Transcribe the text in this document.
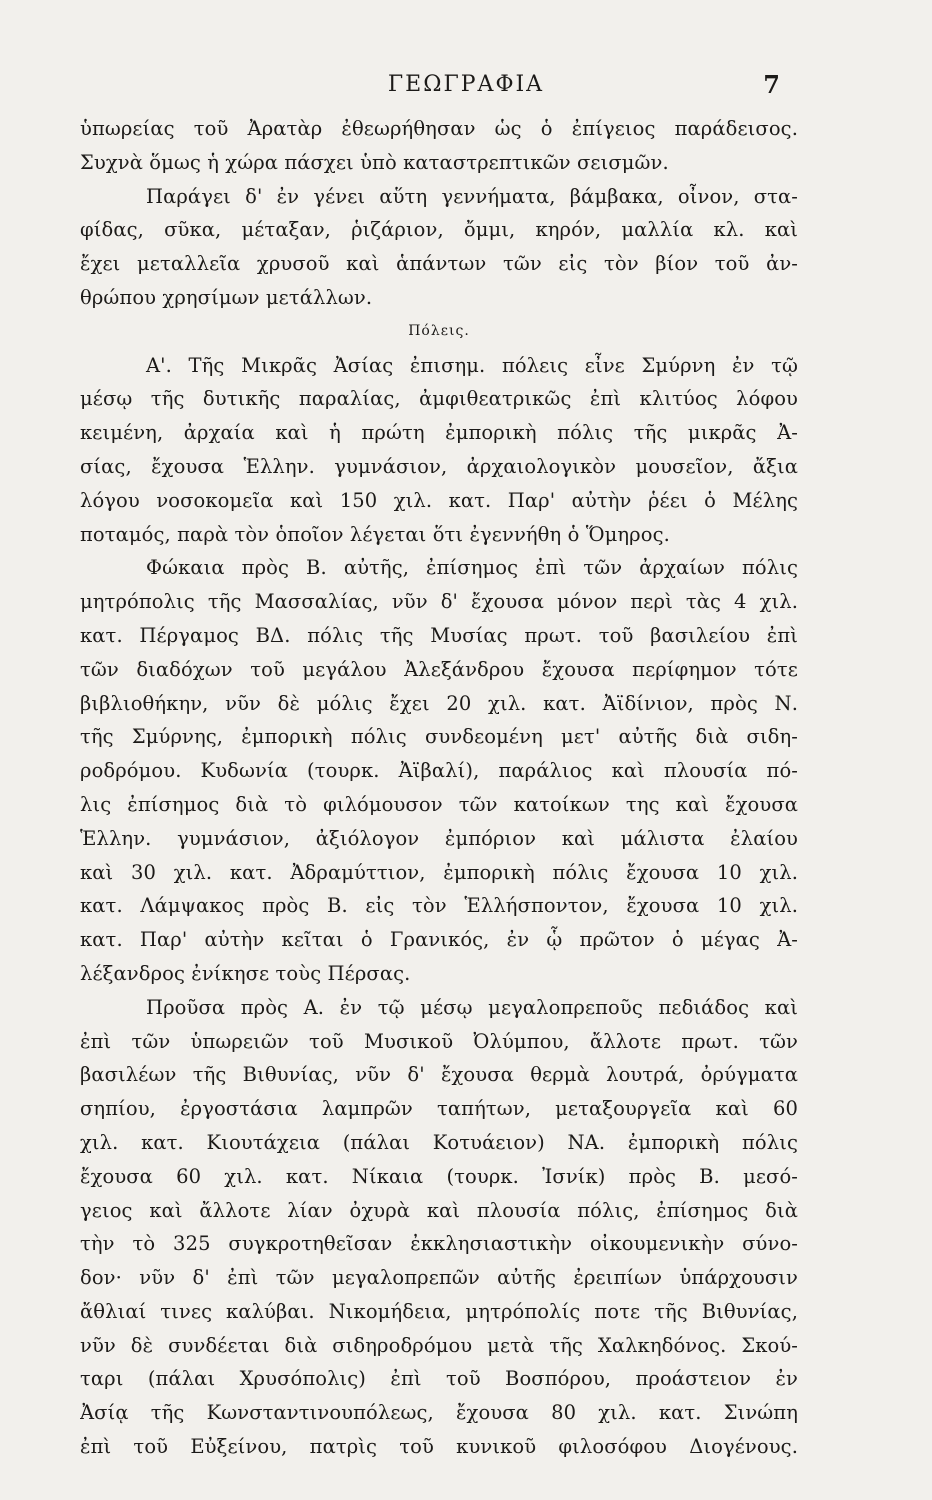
ΓΕΩΓΡΑΦΙΑ	7
ὑπωρείας τοῦ Ἀρατὰρ ἐθεωρήθησαν ὡς ὁ ἐπίγειος παράδεισος.
Συχνὰ ὅμως ἡ χώρα πάσχει ὑπὸ καταστρεπτικῶν σεισμῶν.
Παράγει δ' ἐν γένει αὕτη γεννήματα, βάμβακα, οἶνον, στα-
φίδας, σῦκα, μέταξαν, ῥιζάριον, ὄμμι, κηρόν, μαλλία κλ. καὶ
ἔχει μεταλλεῖα χρυσοῦ καὶ ἁπάντων τῶν εἰς τὸν βίον τοῦ ἀν-
θρώπου χρησίμων μετάλλων.
Πόλεις.
Α'. Τῆς Μικρᾶς Ἀσίας ἐπισημ. πόλεις εἶνε Σμύρνη ἐν τῷ
μέσῳ τῆς δυτικῆς παραλίας, ἀμφιθεατρικῶς ἐπὶ κλιτύος λόφου
κειμένη, ἀρχαία καὶ ἡ πρώτη ἐμπορικὴ πόλις τῆς μικρᾶς Ἀ-
σίας, ἔχουσα Ἑλλην. γυμνάσιον, ἀρχαιολογικὸν μουσεῖον, ἄξια
λόγου νοσοκομεῖα καὶ 150 χιλ. κατ. Παρ' αὐτὴν ῥέει ὁ Μέλης
ποταμός, παρὰ τὸν ὁποῖον λέγεται ὅτι ἐγεννήθη ὁ Ὅμηρος.
Φώκαια πρὸς Β. αὐτῆς, ἐπίσημος ἐπὶ τῶν ἀρχαίων πόλις
μητρόπολις τῆς Μασσαλίας, νῦν δ' ἔχουσα μόνον περὶ τὰς 4 χιλ.
κατ. Πέργαμος ΒΔ. πόλις τῆς Μυσίας πρωτ. τοῦ βασιλείου ἐπὶ
τῶν διαδόχων τοῦ μεγάλου Ἀλεξάνδρου ἔχουσα περίφημον τότε
βιβλιοθήκην, νῦν δὲ μόλις ἔχει 20 χιλ. κατ. Ἀϊδίνιον, πρὸς Ν.
τῆς Σμύρνης, ἐμπορικὴ πόλις συνδεομένη μετ' αὐτῆς διὰ σιδη-
ροδρόμου. Κυδωνία (τουρκ. Ἀϊβαλί), παράλιος καὶ πλουσία πό-
λις ἐπίσημος διὰ τὸ φιλόμουσον τῶν κατοίκων της καὶ ἔχουσα
Ἑλλην. γυμνάσιον, ἀξιόλογον ἐμπόριον καὶ μάλιστα ἐλαίου
καὶ 30 χιλ. κατ. Ἀδραμύττιον, ἐμπορικὴ πόλις ἔχουσα 10 χιλ.
κατ. Λάμψακος πρὸς Β. εἰς τὸν Ἑλλήσποντον, ἔχουσα 10 χιλ.
κατ. Παρ' αὐτὴν κεῖται ὁ Γρανικός, ἐν ᾧ πρῶτον ὁ μέγας Ἀ-
λέξανδρος ἐνίκησε τοὺς Πέρσας.
Προῦσα πρὸς Α. ἐν τῷ μέσῳ μεγαλοπρεποῦς πεδιάδος καὶ
ἐπὶ τῶν ὑπωρειῶν τοῦ Μυσικοῦ Ὀλύμπου, ἄλλοτε πρωτ. τῶν
βασιλέων τῆς Βιθυνίας, νῦν δ' ἔχουσα θερμὰ λουτρά, ὀρύγματα
σηπίου, ἐργοστάσια λαμπρῶν ταπήτων, μεταξουργεῖα καὶ 60
χιλ. κατ. Κιουτάχεια (πάλαι Κοτυάειον) ΝΑ. ἐμπορικὴ πόλις
ἔχουσα 60 χιλ. κατ. Νίκαια (τουρκ. Ἰσνίκ) πρὸς Β. μεσό-
γειος καὶ ἄλλοτε λίαν ὀχυρὰ καὶ πλουσία πόλις, ἐπίσημος διὰ
τὴν τὸ 325 συγκροτηθεῖσαν ἐκκλησιαστικὴν οἰκουμενικὴν σύνο-
δον· νῦν δ' ἐπὶ τῶν μεγαλοπρεπῶν αὐτῆς ἐρειπίων ὑπάρχουσιν
ἄθλιαί τινες καλύβαι. Νικομήδεια, μητρόπολίς ποτε τῆς Βιθυνίας,
νῦν δὲ συνδέεται διὰ σιδηροδρόμου μετὰ τῆς Χαλκηδόνος. Σκού-
ταρι (πάλαι Χρυσόπολις) ἐπὶ τοῦ Βοσπόρου, προάστειον ἐν
Ἀσίᾳ τῆς Κωνσταντινουπόλεως, ἔχουσα 80 χιλ. κατ. Σινώπη
ἐπὶ τοῦ Εὐξείνου, πατρὶς τοῦ κυνικοῦ φιλοσόφου Διογένους.
